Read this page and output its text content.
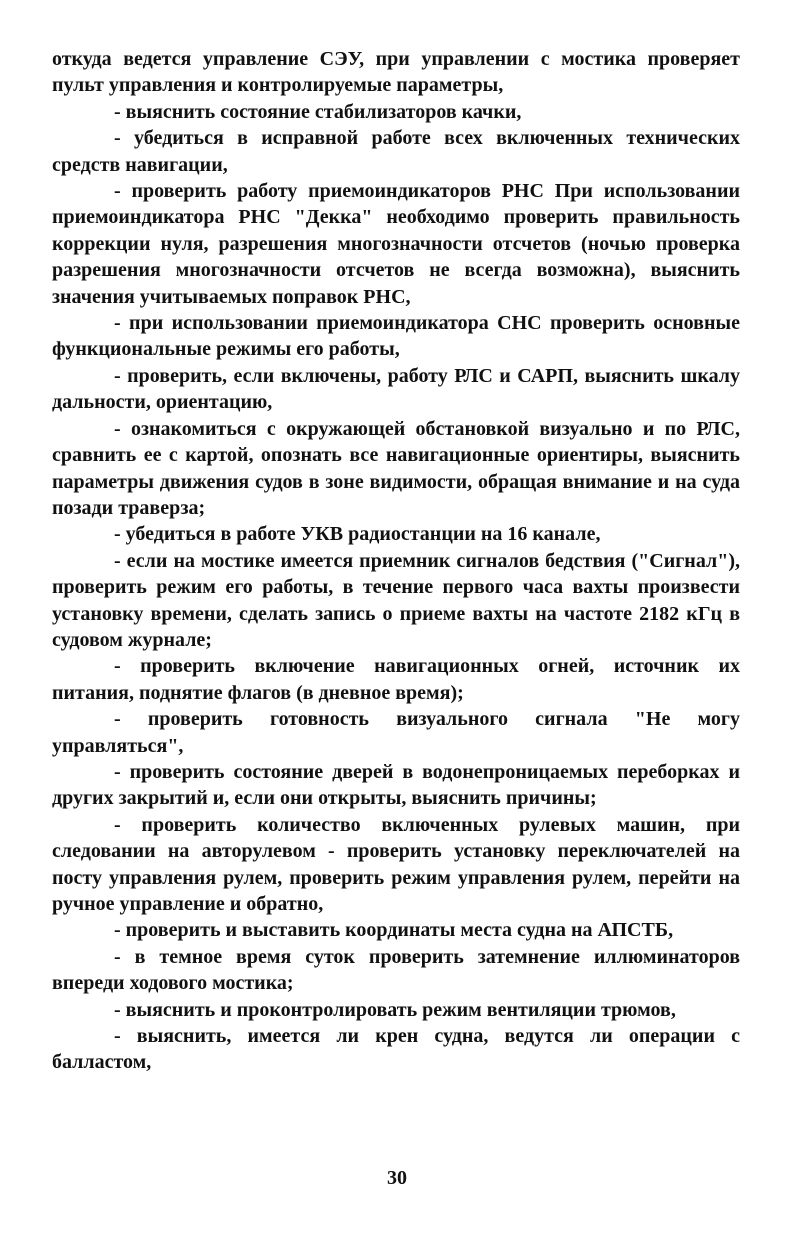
откуда ведется управление СЭУ, при управлении с мостика проверяет пульт управления и контролируемые параметры,

- выяснить состояние стабилизаторов качки,

- убедиться в исправной работе всех включенных технических средств навигации,

- проверить работу приемоиндикаторов РНС При использовании приемоиндикатора РНС "Декка" необходимо проверить правильность коррекции нуля, разрешения многозначности отсчетов (ночью проверка разрешения многозначности отсчетов не всегда возможна), выяснить значения учитываемых поправок РНС,

- при использовании приемоиндикатора СНС проверить основные функциональные режимы его работы,

- проверить, если включены, работу РЛС и САРП, выяснить шкалу дальности, ориентацию,

- ознакомиться с окружающей обстановкой визуально и по РЛС, сравнить ее с картой, опознать все навигационные ориентиры, выяснить параметры движения судов в зоне видимости, обращая внимание и на суда позади траверза;

- убедиться в работе УКВ радиостанции на 16 канале,

- если на мостике имеется приемник сигналов бедствия ("Сигнал"), проверить режим его работы, в течение первого часа вахты произвести установку времени, сделать запись о приеме вахты на частоте 2182 кГц в судовом журнале;

- проверить включение навигационных огней, источник их питания, поднятие флагов (в дневное время);

- проверить готовность визуального сигнала "Не могу управляться",

- проверить состояние дверей в водонепроницаемых переборках и других закрытий и, если они открыты, выяснить причины;

- проверить количество включенных рулевых машин, при следовании на авторулевом - проверить установку переключателей на посту управления рулем, проверить режим управления рулем, перейти на ручное управление и обратно,

- проверить и выставить координаты места судна на АПСТБ,

- в темное время суток проверить затемнение иллюминаторов впереди ходового мостика;

- выяснить и проконтролировать режим вентиляции трюмов,

- выяснить, имеется ли крен судна, ведутся ли операции с балластом,

30
